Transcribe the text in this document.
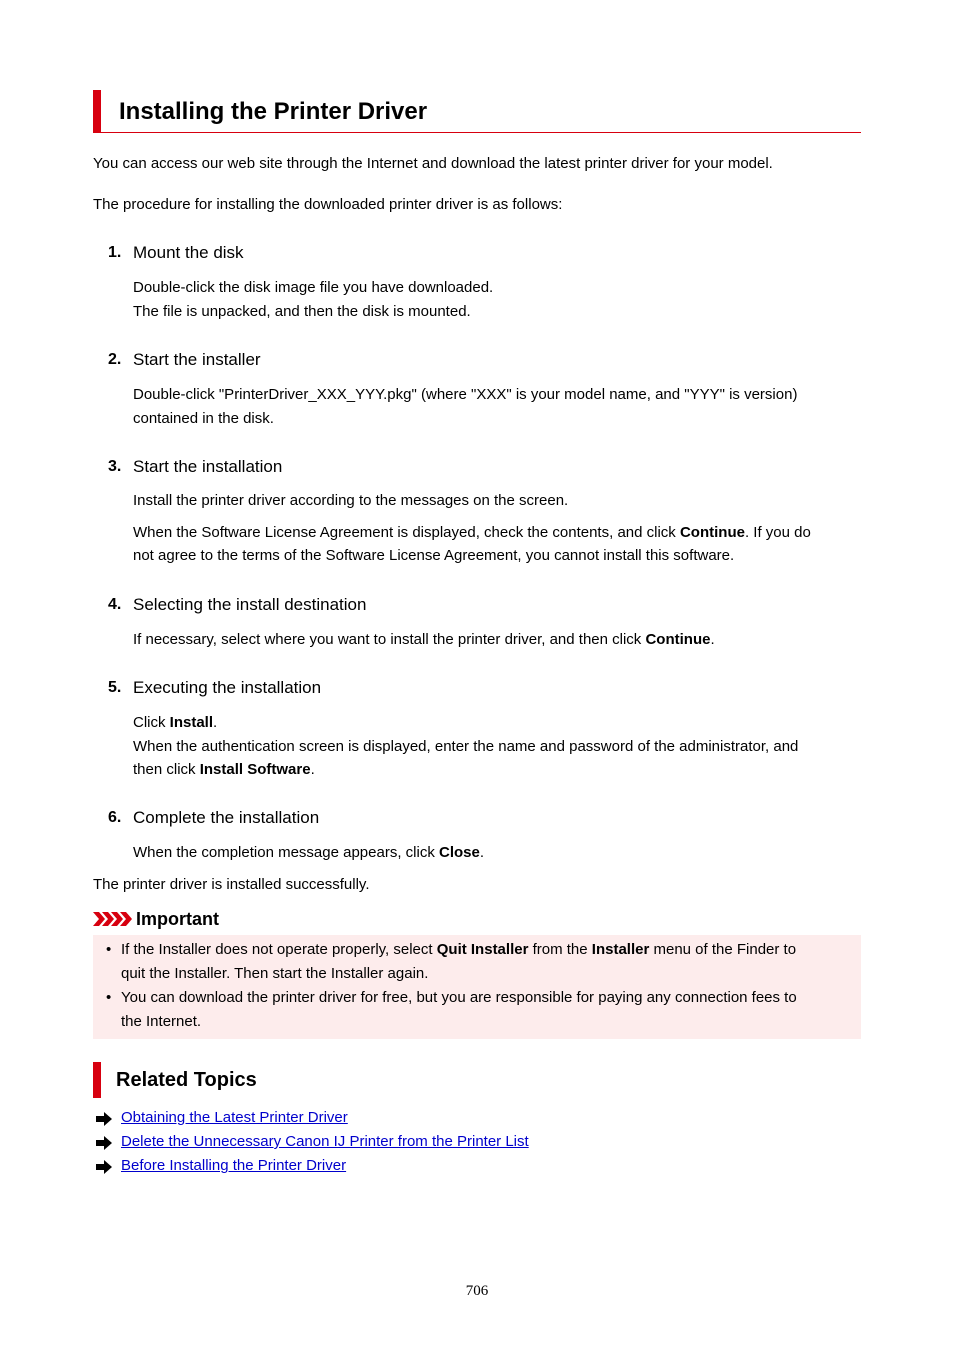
Installing the Printer Driver
You can access our web site through the Internet and download the latest printer driver for your model.
The procedure for installing the downloaded printer driver is as follows:
1. Mount the disk
Double-click the disk image file you have downloaded.
The file is unpacked, and then the disk is mounted.
2. Start the installer
Double-click "PrinterDriver_XXX_YYY.pkg" (where "XXX" is your model name, and "YYY" is version)
contained in the disk.
3. Start the installation
Install the printer driver according to the messages on the screen.
When the Software License Agreement is displayed, check the contents, and click Continue. If you do
not agree to the terms of the Software License Agreement, you cannot install this software.
4. Selecting the install destination
If necessary, select where you want to install the printer driver, and then click Continue.
5. Executing the installation
Click Install.
When the authentication screen is displayed, enter the name and password of the administrator, and
then click Install Software.
6. Complete the installation
When the completion message appears, click Close.
The printer driver is installed successfully.
Important
• If the Installer does not operate properly, select Quit Installer from the Installer menu of the Finder to
quit the Installer. Then start the Installer again.
• You can download the printer driver for free, but you are responsible for paying any connection fees to
the Internet.
Related Topics
Obtaining the Latest Printer Driver
Delete the Unnecessary Canon IJ Printer from the Printer List
Before Installing the Printer Driver
706
